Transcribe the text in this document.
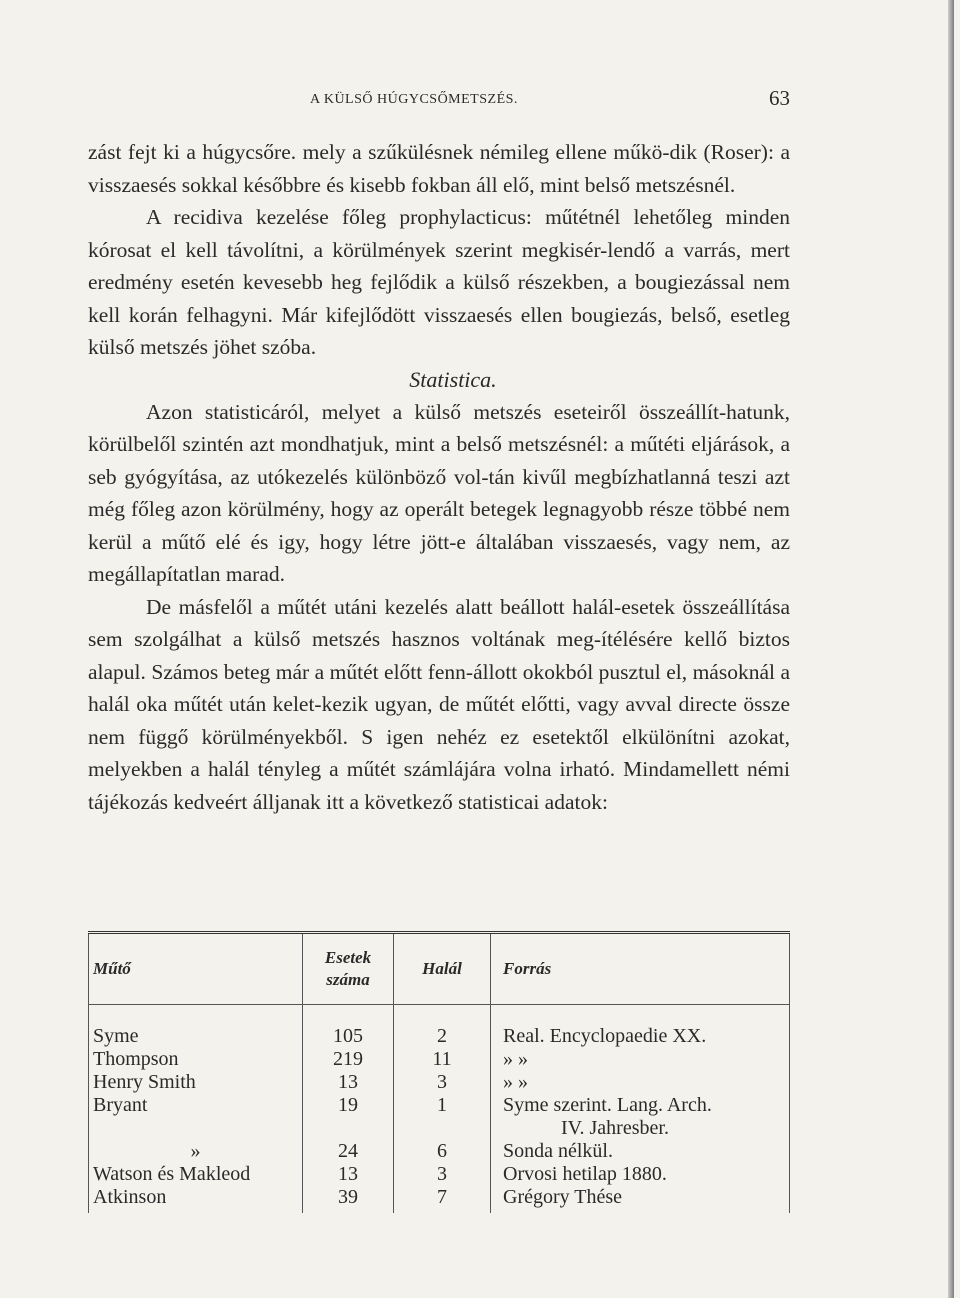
A KÜLSŐ HÚGYCSŐMETSZÉS.	63

zást fejt ki a húgycsőre. mely a szűkülésnek némileg ellene műkö-dik (Roser): a visszaesés sokkal későbbre és kisebb fokban áll elő, mint belső metszésnél.

A recidiva kezelése főleg prophylacticus: műtétnél lehetőleg minden kórosat el kell távolítni, a körülmények szerint megkisér-lendő a varrás, mert eredmény esetén kevesebb heg fejlődik a külső részekben, a bougiezással nem kell korán felhagyni. Már kifejlődött visszaesés ellen bougiezás, belső, esetleg külső metszés jöhet szóba.

Statistica.

Azon statisticáról, melyet a külső metszés eseteiről összeállít-hatunk, körülbelől szintén azt mondhatjuk, mint a belső metszésnél: a műtéti eljárások, a seb gyógyítása, az utókezelés különböző vol-tán kivűl megbízhatlanná teszi azt még főleg azon körülmény, hogy az operált betegek legnagyobb része többé nem kerül a műtő elé és igy, hogy létre jött-e általában visszaesés, vagy nem, az megállapítatlan marad.

De másfelől a műtét utáni kezelés alatt beállott halál-esetek összeállítása sem szolgálhat a külső metszés hasznos voltának meg-ítélésére kellő biztos alapul. Számos beteg már a műtét előtt fenn-állott okokból pusztul el, másoknál a halál oka műtét után kelet-kezik ugyan, de műtét előtti, vagy avval directe össze nem függő körülményekből. S igen nehéz ez esetektől elkülönítni azokat, melyekben a halál tényleg a műtét számlájára volna irható. Mindamellett némi tájékozás kedveért álljanak itt a következő statisticai adatok:

Műtő	Esetek száma	Halál	Forrás
Syme	105	2	Real. Encyclopaedie XX.
Thompson	219	11	» »
Henry Smith	13	3	» »
Bryant	19	1	Syme szerint. Lang. Arch.
			IV. Jahresber.
»	24	6	Sonda nélkül.
Watson és Makleod	13	3	Orvosi hetilap 1880.
Atkinson	39	7	Grégory Thése
